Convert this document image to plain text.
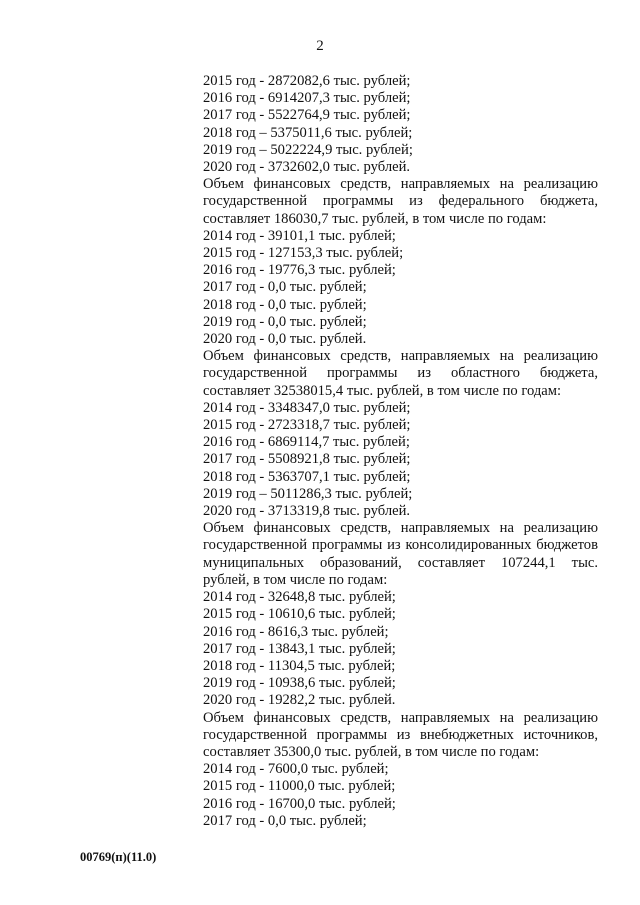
2
2015 год - 2872082,6 тыс. рублей;
2016 год - 6914207,3 тыс. рублей;
2017 год - 5522764,9 тыс. рублей;
2018 год – 5375011,6 тыс. рублей;
2019 год – 5022224,9 тыс. рублей;
2020 год - 3732602,0 тыс. рублей.
Объем финансовых средств, направляемых на реализацию государственной программы из федерального бюджета, составляет 186030,7 тыс. рублей, в том числе по годам:
2014 год - 39101,1 тыс. рублей;
2015 год - 127153,3 тыс. рублей;
2016 год - 19776,3 тыс. рублей;
2017 год - 0,0 тыс. рублей;
2018 год - 0,0 тыс. рублей;
2019 год - 0,0 тыс. рублей;
2020 год - 0,0 тыс. рублей.
Объем финансовых средств, направляемых на реализацию государственной программы из областного бюджета, составляет 32538015,4 тыс. рублей, в том числе по годам:
2014 год - 3348347,0 тыс. рублей;
2015 год - 2723318,7 тыс. рублей;
2016 год - 6869114,7 тыс. рублей;
2017 год - 5508921,8 тыс. рублей;
2018 год - 5363707,1 тыс. рублей;
2019 год – 5011286,3 тыс. рублей;
2020 год - 3713319,8 тыс. рублей.
Объем финансовых средств, направляемых на реализацию государственной программы из консолидированных бюджетов муниципальных образований, составляет 107244,1 тыс. рублей, в том числе по годам:
2014 год - 32648,8 тыс. рублей;
2015 год - 10610,6 тыс. рублей;
2016 год - 8616,3 тыс. рублей;
2017 год - 13843,1 тыс. рублей;
2018 год - 11304,5 тыс. рублей;
2019 год - 10938,6 тыс. рублей;
2020 год - 19282,2 тыс. рублей.
Объем финансовых средств, направляемых на реализацию государственной программы из внебюджетных источников, составляет 35300,0 тыс. рублей, в том числе по годам:
2014 год - 7600,0 тыс. рублей;
2015 год - 11000,0 тыс. рублей;
2016 год - 16700,0 тыс. рублей;
2017 год - 0,0 тыс. рублей;
00769(п)(11.0)
